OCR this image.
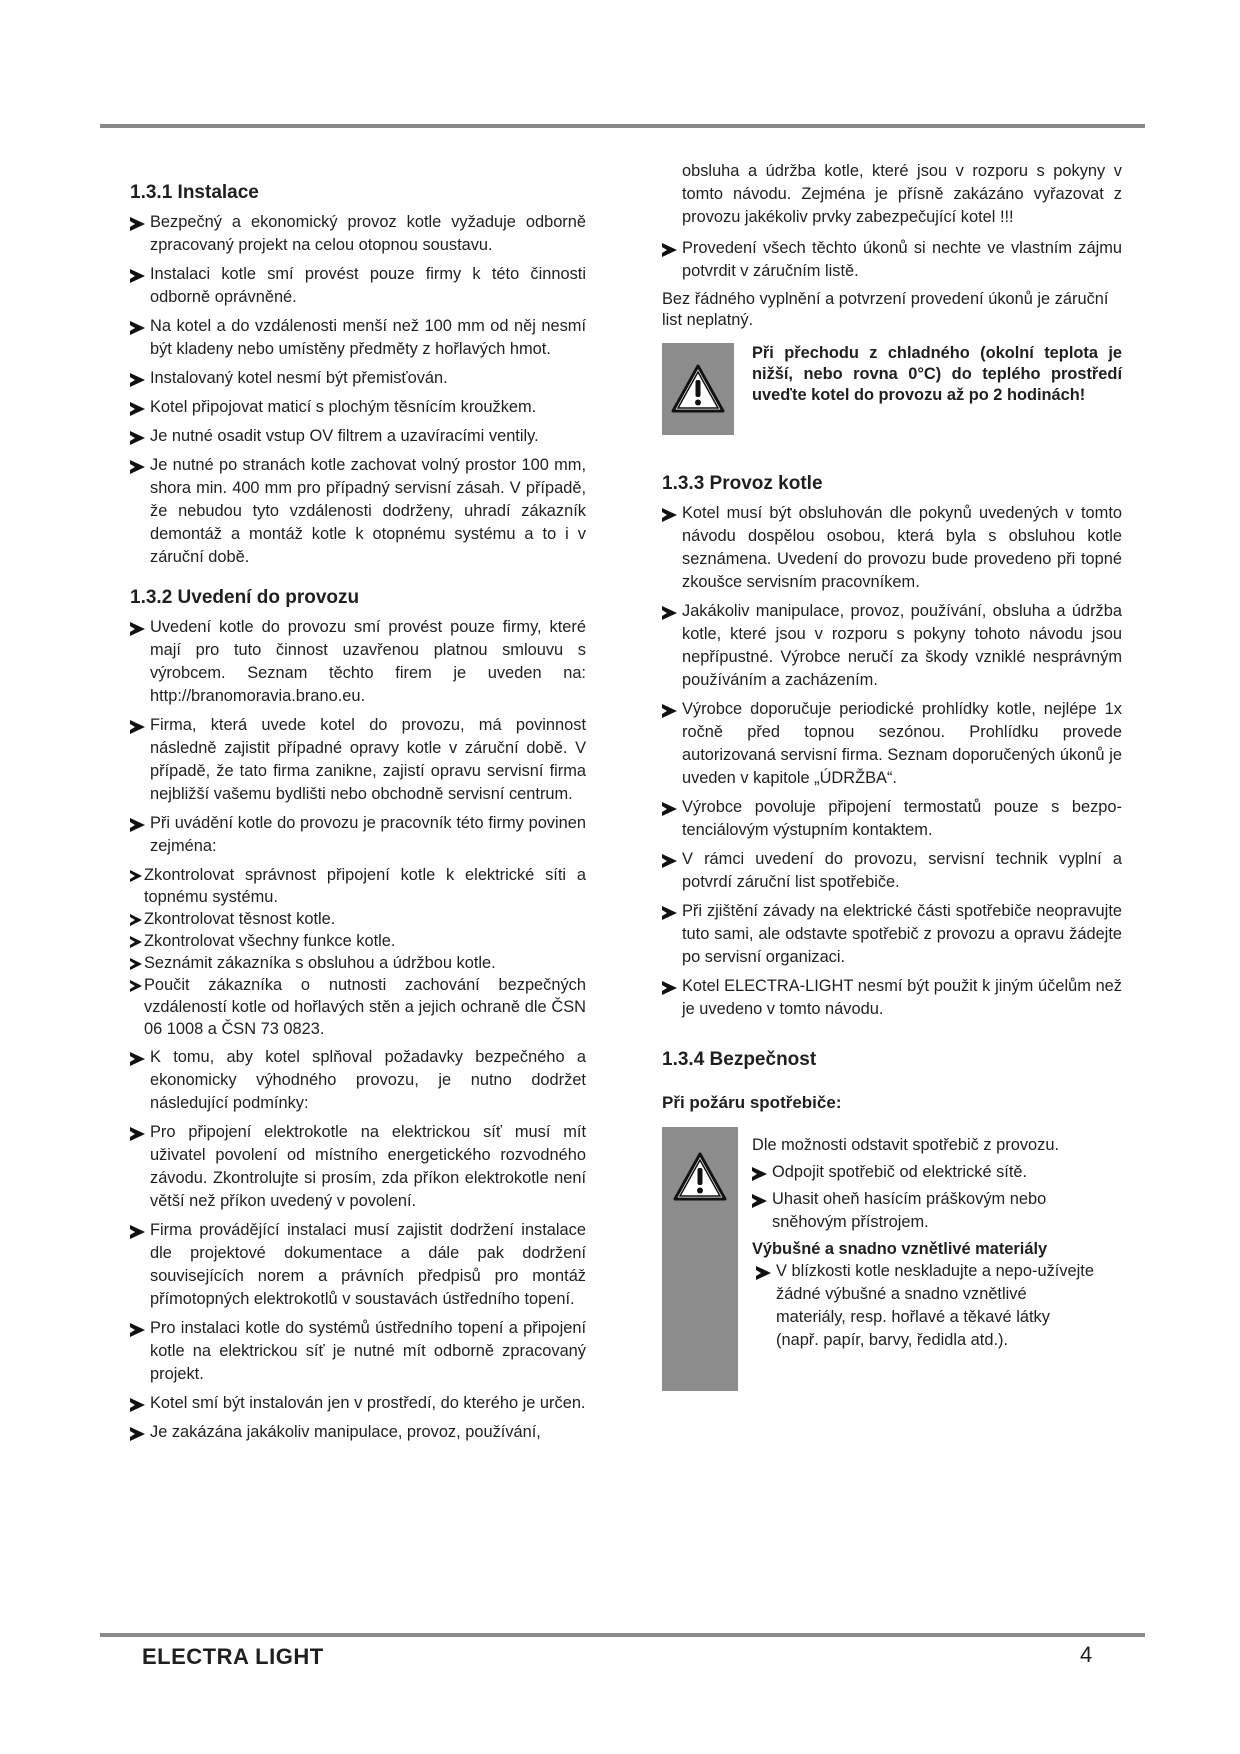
1.3.1 Instalace
Bezpečný a ekonomický provoz kotle vyžaduje odborně zpracovaný projekt na celou otopnou soustavu.
Instalaci kotle smí provést pouze firmy k této činnosti odborně oprávněné.
Na kotel a do vzdálenosti menší než 100 mm od něj nesmí být kladeny nebo umístěny předměty z hořlavých hmot.
Instalovaný kotel nesmí být přemisťován.
Kotel připojovat maticí s plochým těsnícím kroužkem.
Je nutné osadit vstup OV filtrem a uzavíracími ventily.
Je nutné po stranách kotle zachovat volný prostor 100 mm, shora min. 400 mm pro případný servisní zásah. V případě, že nebudou tyto vzdálenosti dodrženy, uhradí zákazník demontáž a montáž kotle k otopnému systému a to i v záruční době.
1.3.2 Uvedení do provozu
Uvedení kotle do provozu smí provést pouze firmy, které mají pro tuto činnost uzavřenou platnou smlouvu s výrobcem. Seznam těchto firem je uveden na: http://branomoravia.brano.eu.
Firma, která uvede kotel do provozu, má povinnost následně zajistit případné opravy kotle v záruční době. V případě, že tato firma zanikne, zajistí opravu servisní firma nejbližší vašemu bydlišti nebo obchodně servisní centrum.
Při uvádění kotle do provozu je pracovník této firmy povinen zejména:
Zkontrolovat správnost připojení kotle k elektrické síti a topnému systému.
Zkontrolovat těsnost kotle.
Zkontrolovat všechny funkce kotle.
Seznámit zákazníka s obsluhou a údržbou kotle.
Poučit zákazníka o nutnosti zachování bezpečných vzdáleností kotle od hořlavých stěn a jejich ochraně dle ČSN 06 1008 a ČSN 73 0823.
K tomu, aby kotel splňoval požadavky bezpečného a ekonomicky výhodného provozu, je nutno dodržet následující podmínky:
Pro připojení elektrokotle na elektrickou síť musí mít uživatel povolení od místního energetického rozvodného závodu. Zkontrolujte si prosím, zda příkon elektrokotle není větší než příkon uvedený v povolení.
Firma provádějící instalaci musí zajistit dodržení instalace dle projektové dokumentace a dále pak dodržení souvisejících norem a právních předpisů pro montáž přímotopných elektrokotlů v soustavách ústředního topení.
Pro instalaci kotle do systémů ústředního topení a připojení kotle na elektrickou síť je nutné mít odborně zpracovaný projekt.
Kotel smí být instalován jen v prostředí, do kterého je určen.
Je zakázána jakákoliv manipulace, provoz, používání,

obsluha a údržba kotle, které jsou v rozporu s pokyny v tomto návodu. Zejména je přísně zakázáno vyřazovat z provozu jakékoliv prvky zabezpečující kotel !!!

Provedení všech těchto úkonů si nechte ve vlastním zájmu potvrdit v záručním listě.
Bez řádného vyplnění a potvrzení provedení úkonů je záruční list neplatný.
Při přechodu z chladného (okolní teplota je nižší, nebo rovna 0°C) do teplého prostředí uveďte kotel do provozu až po 2 hodinách!
1.3.3 Provoz kotle
Kotel musí být obsluhován dle pokynů uvedených v tomto návodu dospělou osobou, která byla s obsluhou kotle seznámena. Uvedení do provozu bude provedeno při topné zkoušce servisním pracovníkem.
Jakákoliv manipulace, provoz, používání, obsluha a údržba kotle, které jsou v rozporu s pokyny tohoto návodu jsou nepřípustné. Výrobce neručí za škody vzniklé nesprávným používáním a zacházením.
Výrobce doporučuje periodické prohlídky kotle, nejlépe 1x ročně před topnou sezónou. Prohlídku provede autorizovaná servisní firma. Seznam doporučených úkonů je uveden v kapitole „ÚDRŽBA“.
Výrobce povoluje připojení termostatů pouze s bezpo-tenciálovým výstupním kontaktem.
V rámci uvedení do provozu, servisní technik vyplní a potvrdí záruční list spotřebiče.
Při zjištění závady na elektrické části spotřebiče neopravujte tuto sami, ale odstavte spotřebič z provozu a opravu žádejte po servisní organizaci.
Kotel ELECTRA-LIGHT nesmí být použit k jiným účelům než je uvedeno v tomto návodu.
1.3.4 Bezpečnost
Při požáru spotřebiče:
Dle možnosti odstavit spotřebič z provozu.
Odpojit spotřebič od elektrické sítě.
Uhasit oheň hasícím práškovým nebo sněhovým přístrojem.
Výbušné a snadno vznětlivé materiály
V blízkosti kotle neskladujte a nepo-užívejte žádné výbušné a snadno vznětlivé materiály, resp. hořlavé a těkavé látky (např. papír, barvy, ředidla atd.).
ELECTRA LIGHT	4
